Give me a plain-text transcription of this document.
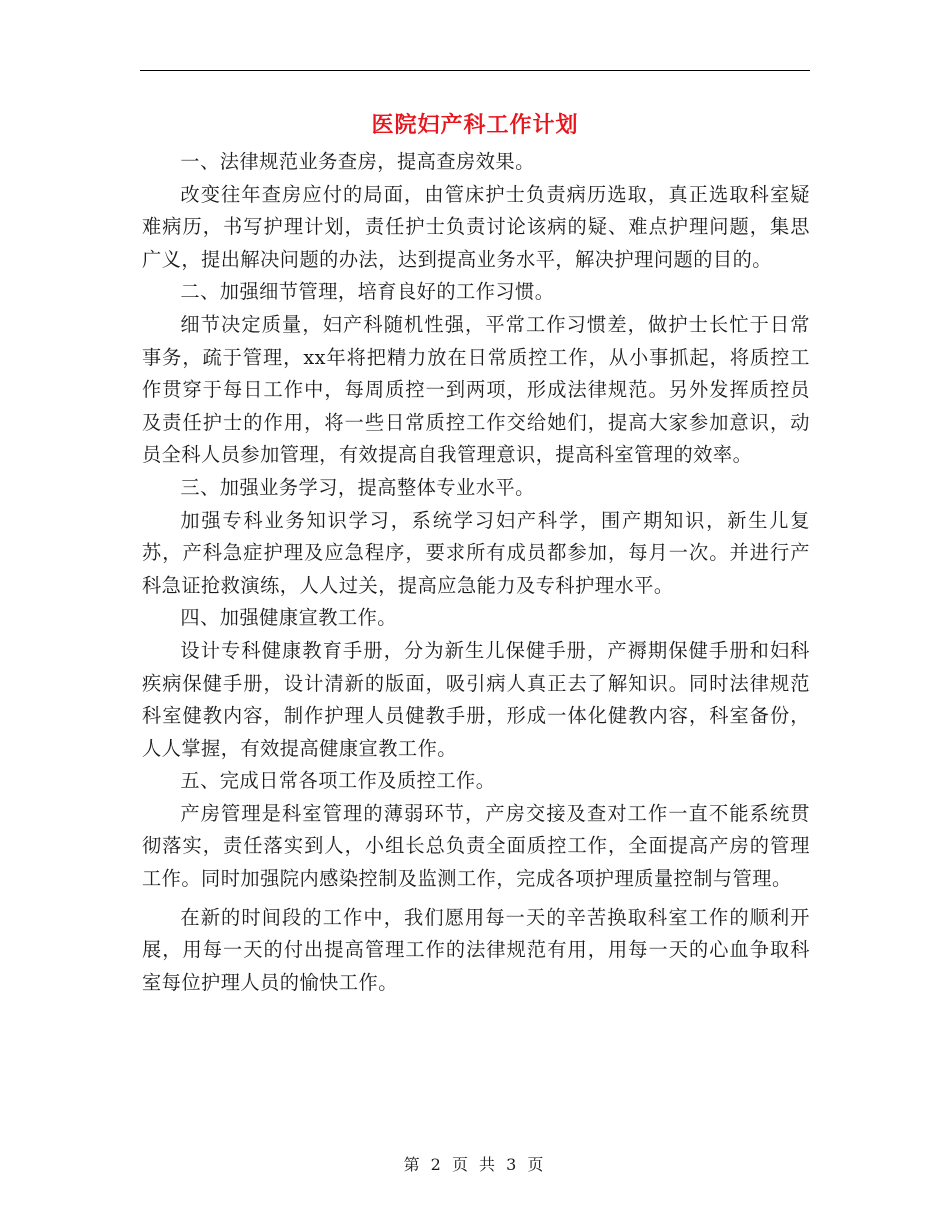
医院妇产科工作计划

一、法律规范业务查房，提高查房效果。

改变往年查房应付的局面，由管床护士负责病历选取，真正选取科室疑难病历，书写护理计划，责任护士负责讨论该病的疑、难点护理问题，集思广义，提出解决问题的办法，达到提高业务水平，解决护理问题的目的。

二、加强细节管理，培育良好的工作习惯。

细节决定质量，妇产科随机性强，平常工作习惯差，做护士长忙于日常事务，疏于管理，xx年将把精力放在日常质控工作，从小事抓起，将质控工作贯穿于每日工作中，每周质控一到两项，形成法律规范。另外发挥质控员及责任护士的作用，将一些日常质控工作交给她们，提高大家参加意识，动员全科人员参加管理，有效提高自我管理意识，提高科室管理的效率。

三、加强业务学习，提高整体专业水平。

加强专科业务知识学习，系统学习妇产科学，围产期知识，新生儿复苏，产科急症护理及应急程序，要求所有成员都参加，每月一次。并进行产科急证抢救演练，人人过关，提高应急能力及专科护理水平。

四、加强健康宣教工作。

设计专科健康教育手册，分为新生儿保健手册，产褥期保健手册和妇科疾病保健手册，设计清新的版面，吸引病人真正去了解知识。同时法律规范科室健教内容，制作护理人员健教手册，形成一体化健教内容，科室备份，人人掌握，有效提高健康宣教工作。

五、完成日常各项工作及质控工作。

产房管理是科室管理的薄弱环节，产房交接及查对工作一直不能系统贯彻落实，责任落实到人，小组长总负责全面质控工作，全面提高产房的管理工作。同时加强院内感染控制及监测工作，完成各项护理质量控制与管理。

在新的时间段的工作中，我们愿用每一天的辛苦换取科室工作的顺利开展，用每一天的付出提高管理工作的法律规范有用，用每一天的心血争取科室每位护理人员的愉快工作。

第 2 页 共 3 页
